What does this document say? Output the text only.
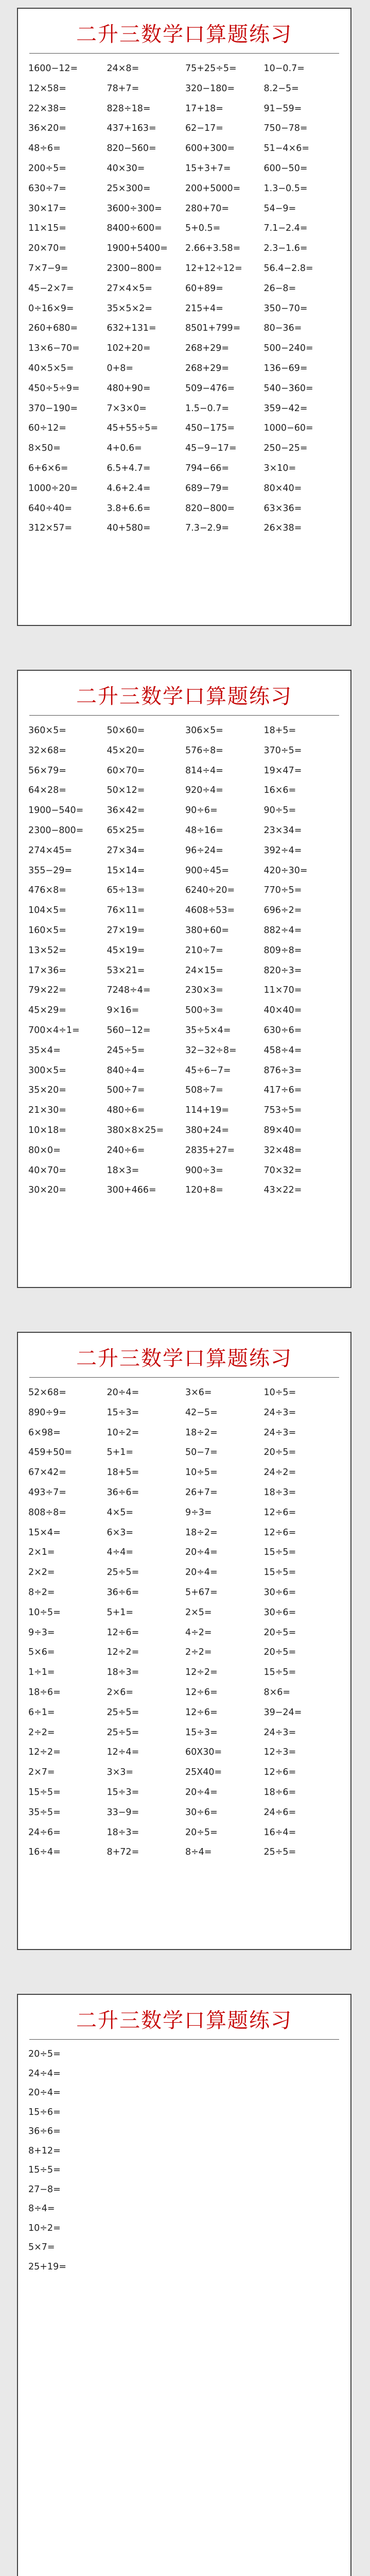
二升三数学口算题练习
1600−12=	24×8=	75+25÷5=	10−0.7=
12×58=	78+7=	320−180=	8.2−5=
22×38=	828÷18=	17+18=	91−59=
36×20=	437+163=	62−17=	750−78=
48÷6=	820−560=	600+300=	51−4×6=
200÷5=	40×30=	15+3+7=	600−50=
630÷7=	25×300=	200+5000=	1.3−0.5=
30×17=	3600÷300=	280+70=	54−9=
11×15=	8400÷600=	5+0.5=	7.1−2.4=
20×70=	1900+5400=	2.66+3.58=	2.3−1.6=
7×7−9=	2300−800=	12+12÷12=	56.4−2.8=
45−2×7=	27×4×5=	60+89=	26−8=
0÷16×9=	35×5×2=	215+4=	350−70=
260+680=	632+131=	8501+799=	80−36=
13×6−70=	102+20=	268+29=	500−240=
40×5×5=	0+8=	268+29=	136−69=
450÷5÷9=	480+90=	509−476=	540−360=
370−190=	7×3×0=	1.5−0.7=	359−42=
60÷12=	45+55÷5=	450−175=	1000−60=
8×50=	4+0.6=	45−9−17=	250−25=
6+6×6=	6.5+4.7=	794−66=	3×10=
1000÷20=	4.6+2.4=	689−79=	80×40=
640÷40=	3.8+6.6=	820−800=	63×36=
312×57=	40+580=	7.3−2.9=	26×38=
二升三数学口算题练习
360×5=	50×60=	306×5=	18+5=
32×68=	45×20=	576÷8=	370÷5=
56×79=	60×70=	814÷4=	19×47=
64×28=	50×12=	920÷4=	16×6=
1900−540=	36×42=	90÷6=	90÷5=
2300−800=	65×25=	48÷16=	23×34=
274×45=	27×34=	96÷24=	392÷4=
355−29=	15×14=	900÷45=	420÷30=
476×8=	65÷13=	6240÷20=	770÷5=
104×5=	76×11=	4608÷53=	696÷2=
160×5=	27×19=	380+60=	882÷4=
13×52=	45×19=	210÷7=	809÷8=
17×36=	53×21=	24×15=	820÷3=
79×22=	7248÷4=	230×3=	11×70=
45×29=	9×16=	500÷3=	40×40=
700×4÷1=	560−12=	35÷5×4=	630÷6=
35×4=	245÷5=	32−32÷8=	458÷4=
300×5=	840÷4=	45÷6−7=	876÷3=
35×20=	500÷7=	508÷7=	417÷6=
21×30=	480÷6=	114+19=	753÷5=
10×18=	380×8×25=	380+24=	89×40=
80×0=	240÷6=	2835+27=	32×48=
40×70=	18×3=	900÷3=	70×32=
30×20=	300+466=	120+8=	43×22=
二升三数学口算题练习
52×68=	20÷4=	3×6=	10÷5=
890÷9=	15÷3=	42−5=	24÷3=
6×98=	10÷2=	18÷2=	24÷3=
459+50=	5+1=	50−7=	20÷5=
67×42=	18+5=	10÷5=	24÷2=
493÷7=	36÷6=	26+7=	18÷3=
808÷8=	4×5=	9÷3=	12÷6=
15×4=	6×3=	18÷2=	12÷6=
2×1=	4÷4=	20÷4=	15÷5=
2×2=	25÷5=	20÷4=	15÷5=
8÷2=	36÷6=	5+67=	30÷6=
10÷5=	5+1=	2×5=	30÷6=
9÷3=	12÷6=	4÷2=	20÷5=
5×6=	12÷2=	2÷2=	20÷5=
1÷1=	18÷3=	12÷2=	15÷5=
18÷6=	2×6=	12÷6=	8×6=
6÷1=	25÷5=	12÷6=	39−24=
2÷2=	25÷5=	15÷3=	24÷3=
12÷2=	12÷4=	60X30=	12÷3=
2×7=	3×3=	25X40=	12÷6=
15÷5=	15÷3=	20÷4=	18÷6=
35÷5=	33−9=	30÷6=	24÷6=
24÷6=	18÷3=	20÷5=	16÷4=
16÷4=	8+72=	8÷4=	25÷5=
二升三数学口算题练习
20÷5=
24÷4=
20÷4=
15÷6=
36÷6=
8+12=
15÷5=
27−8=
8÷4=
10÷2=
5×7=
25+19=
